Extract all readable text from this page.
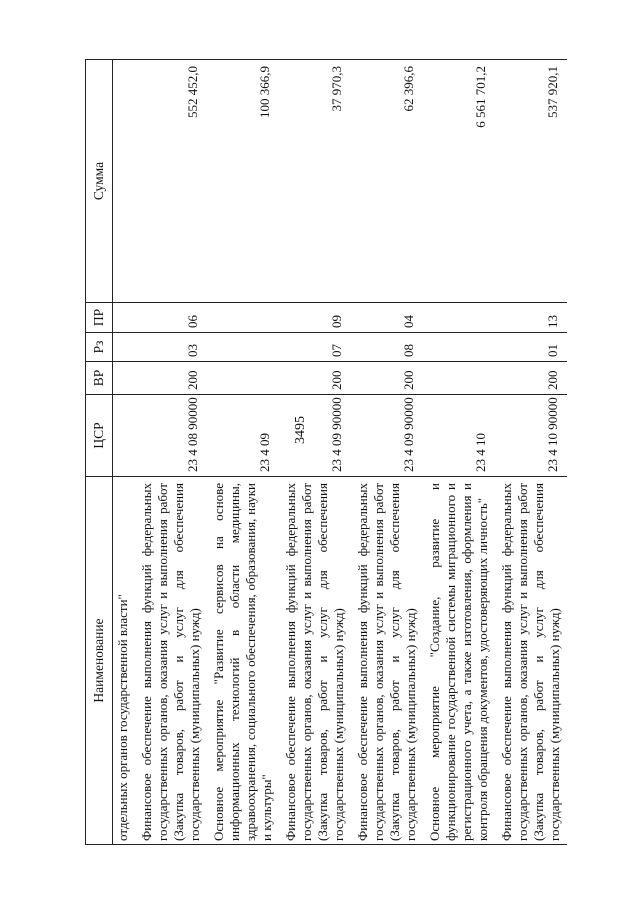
3495
Наименование	ЦСР	ВР	Рз	ПР	Сумма
отдельных органов государственной власти"					
Финансовое обеспечение выполнения функций федеральных государственных органов, оказания услуг и выполнения работ (Закупка товаров, работ и услуг для обеспечения государственных (муниципальных) нужд)	23 4 08 90000	200	03	06	552 452,0
Основное мероприятие "Развитие сервисов на основе информационных технологий в области медицины, здравоохранения, социального обеспечения, образования, науки и культуры"	23 4 09				100 366,9
Финансовое обеспечение выполнения функций федеральных государственных органов, оказания услуг и выполнения работ (Закупка товаров, работ и услуг для обеспечения государственных (муниципальных) нужд)	23 4 09 90000	200	07	09	37 970,3
Финансовое обеспечение выполнения функций федеральных государственных органов, оказания услуг и выполнения работ (Закупка товаров, работ и услуг для обеспечения государственных (муниципальных) нужд)	23 4 09 90000	200	08	04	62 396,6
Основное мероприятие "Создание, развитие и функционирование государственной системы миграционного и регистрационного учета, а также изготовления, оформления и контроля обращения документов, удостоверяющих личность"	23 4 10				6 561 701,2
Финансовое обеспечение выполнения функций федеральных государственных органов, оказания услуг и выполнения работ (Закупка товаров, работ и услуг для обеспечения государственных (муниципальных) нужд)	23 4 10 90000	200	01	13	537 920,1
